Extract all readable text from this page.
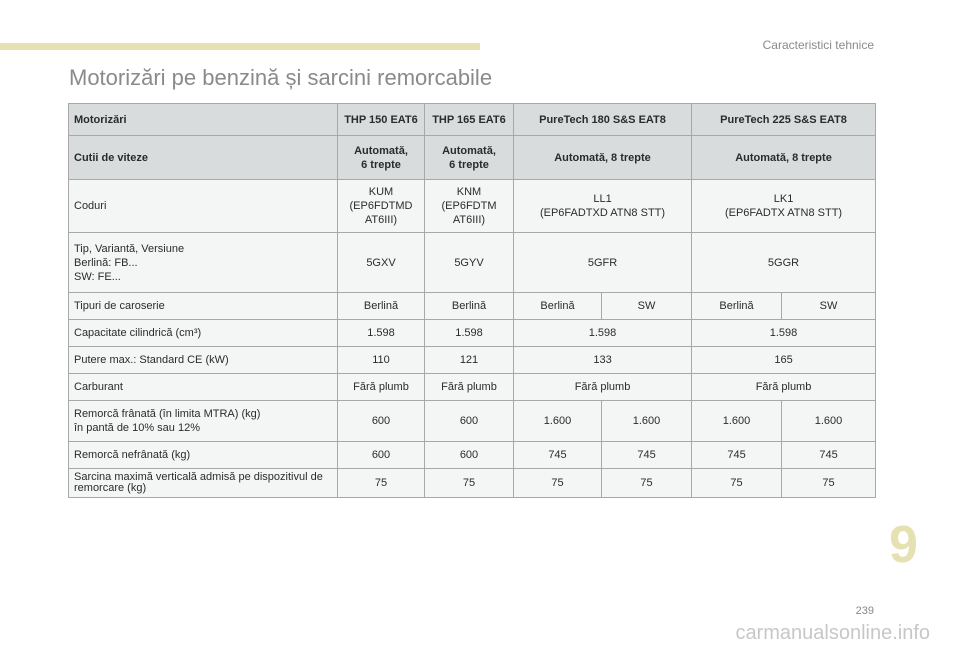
Caracteristici tehnice
Motorizări pe benzină și sarcini remorcabile
Motorizări	THP 150 EAT6	THP 165 EAT6	PureTech 180 S&S EAT8		PureTech 225 S&S EAT8	
Cutii de viteze	Automată,
6 trepte	Automată,
6 trepte	Automată, 8 trepte		Automată, 8 trepte	
Coduri	KUM
(EP6FDTMD
AT6III)	KNM
(EP6FDTM
AT6III)	LL1
(EP6FADTXD ATN8 STT)		LK1
(EP6FADTX ATN8 STT)	
Tip, Variantă, Versiune
Berlină: FB...
SW: FE...	5GXV	5GYV	5GFR		5GGR	
Tipuri de caroserie	Berlină	Berlină	Berlină	SW	Berlină	SW
Capacitate cilindrică (cm³)	1.598	1.598	1.598		1.598	
Putere max.: Standard CE (kW)	110	121	133		165	
Carburant	Fără plumb	Fără plumb	Fără plumb		Fără plumb	
Remorcă frânată (în limita MTRA) (kg)
în pantă de 10% sau 12%	600	600	1.600	1.600	1.600	1.600
Remorcă nefrânată (kg)	600	600	745	745	745	745
Sarcina maximă verticală admisă pe dispozitivul de remorcare (kg)	75	75	75	75	75	75
9
239
carmanualsonline.info
